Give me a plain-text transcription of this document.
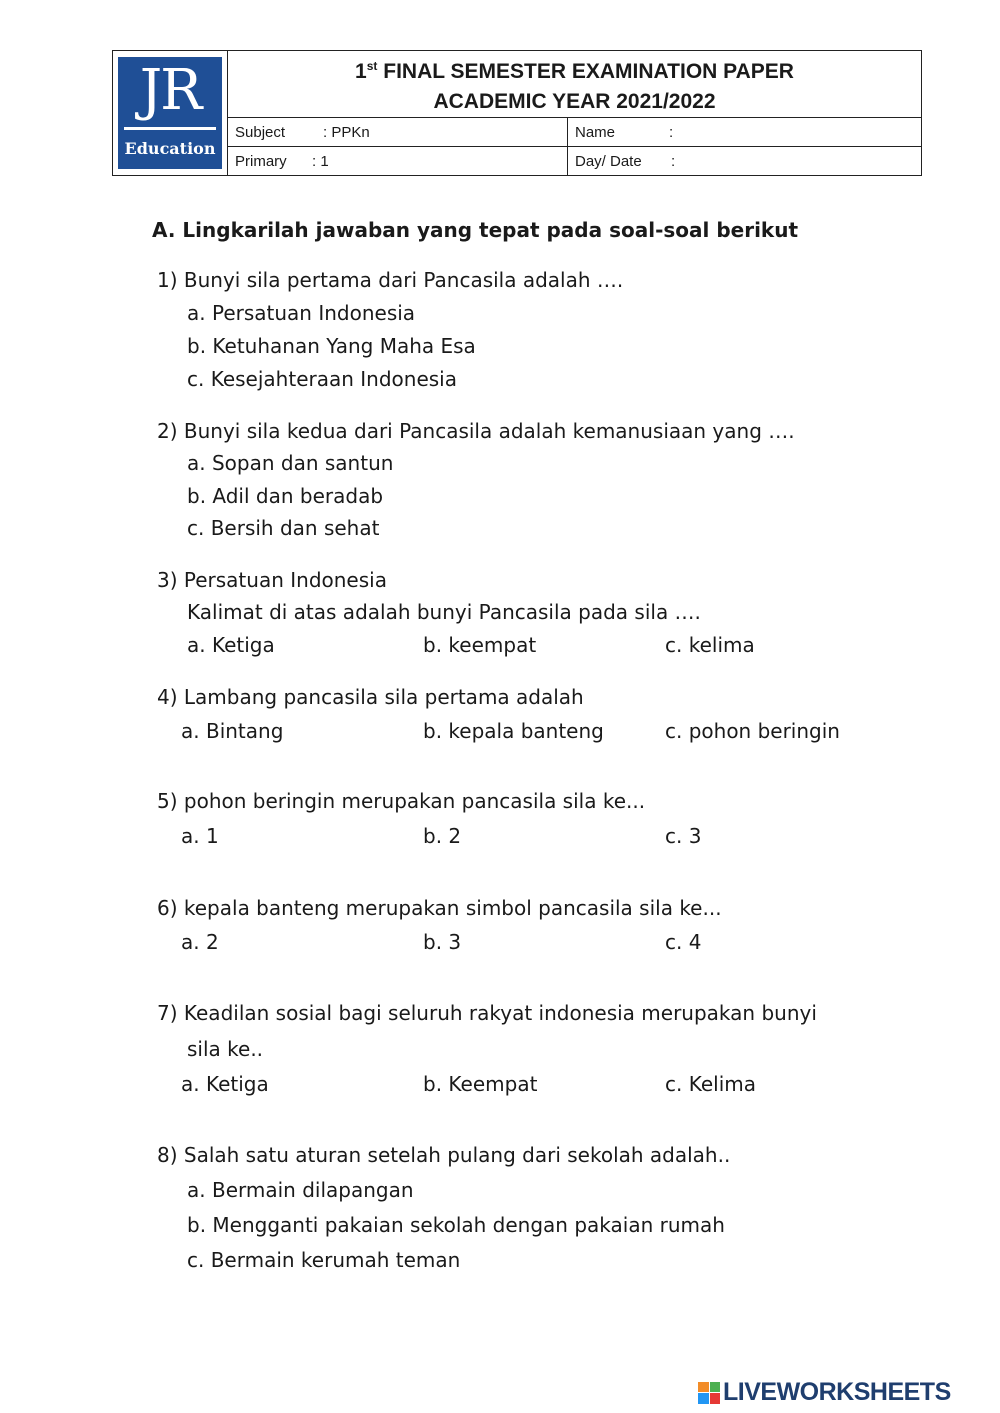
JR
Education
1st FINAL SEMESTER EXAMINATION PAPER
ACADEMIC YEAR 2021/2022
Subject	: PPKn	Name	:
Primary	: 1	Day/ Date	:
A. Lingkarilah jawaban yang tepat pada soal-soal berikut
1) Bunyi sila pertama dari Pancasila adalah ….
a. Persatuan Indonesia
b. Ketuhanan Yang Maha Esa
c. Kesejahteraan Indonesia
2) Bunyi sila kedua dari Pancasila adalah kemanusiaan yang ….
a. Sopan dan santun
b. Adil dan beradab
c. Bersih dan sehat
3) Persatuan Indonesia
Kalimat di atas adalah bunyi Pancasila pada sila ….
a. Ketiga	b. keempat	c. kelima
4) Lambang pancasila sila pertama adalah
a. Bintang	b. kepala banteng	c. pohon beringin
5) pohon beringin merupakan pancasila sila ke...
a. 1	b. 2	c. 3
6) kepala banteng merupakan simbol pancasila sila ke...
a. 2	b. 3	c. 4
7) Keadilan sosial bagi seluruh rakyat indonesia merupakan bunyi
sila ke..
a. Ketiga	b. Keempat	c. Kelima
8) Salah satu aturan setelah pulang dari sekolah adalah..
a. Bermain dilapangan
b. Mengganti pakaian sekolah dengan pakaian rumah
c. Bermain kerumah teman
LIVEWORKSHEETS
